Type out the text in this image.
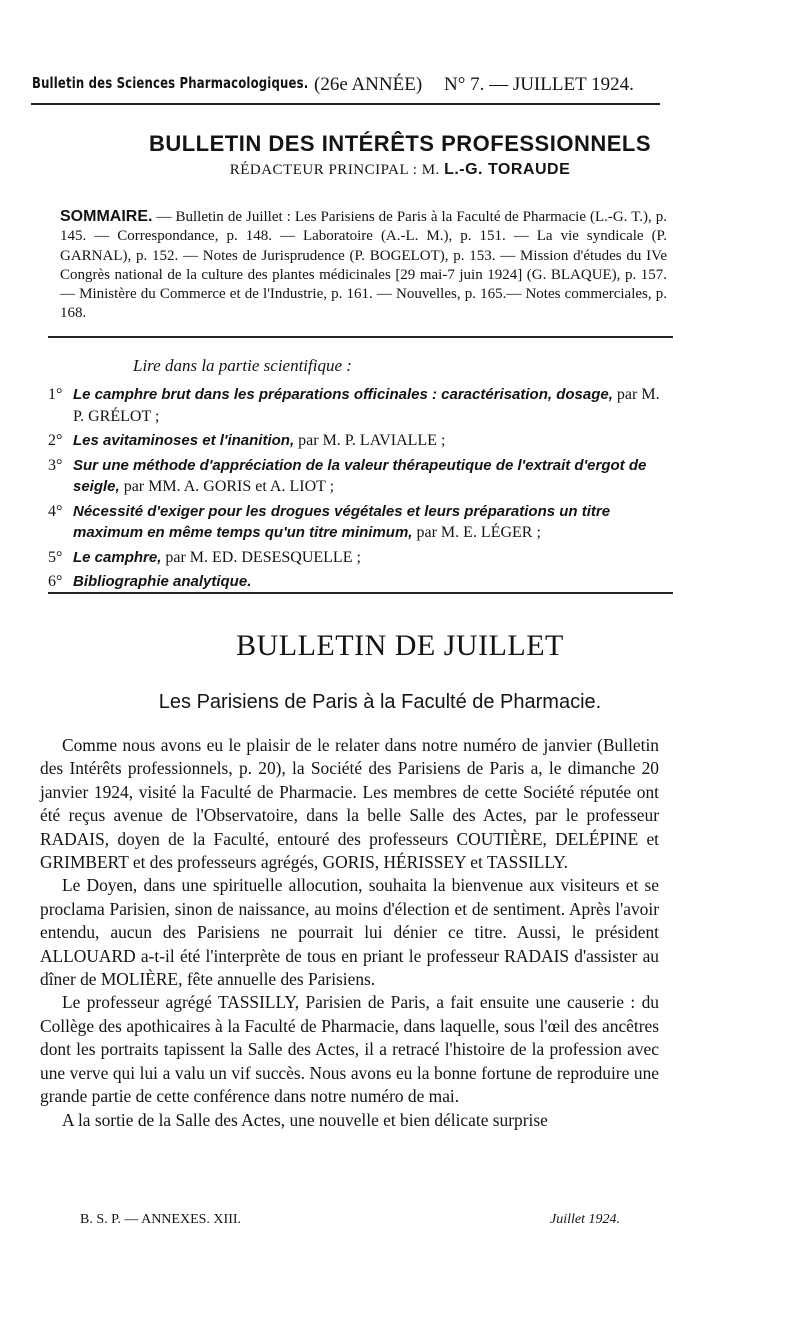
Bulletin des Sciences Pharmacologiques. (26e ANNÉE) N° 7. — JUILLET 1924.
BULLETIN DES INTÉRÊTS PROFESSIONNELS
RÉDACTEUR PRINCIPAL : M. L.-G. TORAUDE
SOMMAIRE. — Bulletin de Juillet : Les Parisiens de Paris à la Faculté de Pharmacie (L.-G. T.), p. 145. — Correspondance, p. 148. — Laboratoire (A.-L. M.), p. 151. — La vie syndicale (P. GARNAL), p. 152. — Notes de Jurisprudence (P. BOGELOT), p. 153. — Mission d'études du IVe Congrès national de la culture des plantes médicinales [29 mai-7 juin 1924] (G. BLAQUE), p. 157. — Ministère du Commerce et de l'Industrie, p. 161. — Nouvelles, p. 165.— Notes commerciales, p. 168.
Lire dans la partie scientifique :
1° Le camphre brut dans les préparations officinales : caractérisation, dosage, par M. P. GRÉLOT ;
2° Les avitaminoses et l'inanition, par M. P. LAVIALLE ;
3° Sur une méthode d'appréciation de la valeur thérapeutique de l'extrait d'ergot de seigle, par MM. A. GORIS et A. LIOT ;
4° Nécessité d'exiger pour les drogues végétales et leurs préparations un titre maximum en même temps qu'un titre minimum, par M. E. LÉGER ;
5° Le camphre, par M. ED. DESESQUELLE ;
6° Bibliographie analytique.
BULLETIN DE JUILLET
Les Parisiens de Paris à la Faculté de Pharmacie.

Comme nous avons eu le plaisir de le relater dans notre numéro de janvier (Bulletin des Intérêts professionnels, p. 20), la Société des Parisiens de Paris a, le dimanche 20 janvier 1924, visité la Faculté de Pharmacie. Les membres de cette Société réputée ont été reçus avenue de l'Observatoire, dans la belle Salle des Actes, par le professeur RADAIS, doyen de la Faculté, entouré des professeurs COUTIÈRE, DELÉPINE et GRIMBERT et des professeurs agrégés, GORIS, HÉRISSEY et TASSILLY.

Le Doyen, dans une spirituelle allocution, souhaita la bienvenue aux visiteurs et se proclama Parisien, sinon de naissance, au moins d'élection et de sentiment. Après l'avoir entendu, aucun des Parisiens ne pourrait lui dénier ce titre. Aussi, le président ALLOUARD a-t-il été l'interprète de tous en priant le professeur RADAIS d'assister au dîner de MOLIÈRE, fête annuelle des Parisiens.

Le professeur agrégé TASSILLY, Parisien de Paris, a fait ensuite une causerie : du Collège des apothicaires à la Faculté de Pharmacie, dans laquelle, sous l'œil des ancêtres dont les portraits tapissent la Salle des Actes, il a retracé l'histoire de la profession avec une verve qui lui a valu un vif succès. Nous avons eu la bonne fortune de reproduire une grande partie de cette conférence dans notre numéro de mai.

A la sortie de la Salle des Actes, une nouvelle et bien délicate surprise

B. S. P. — ANNEXES. XIII.	Juillet 1924.
